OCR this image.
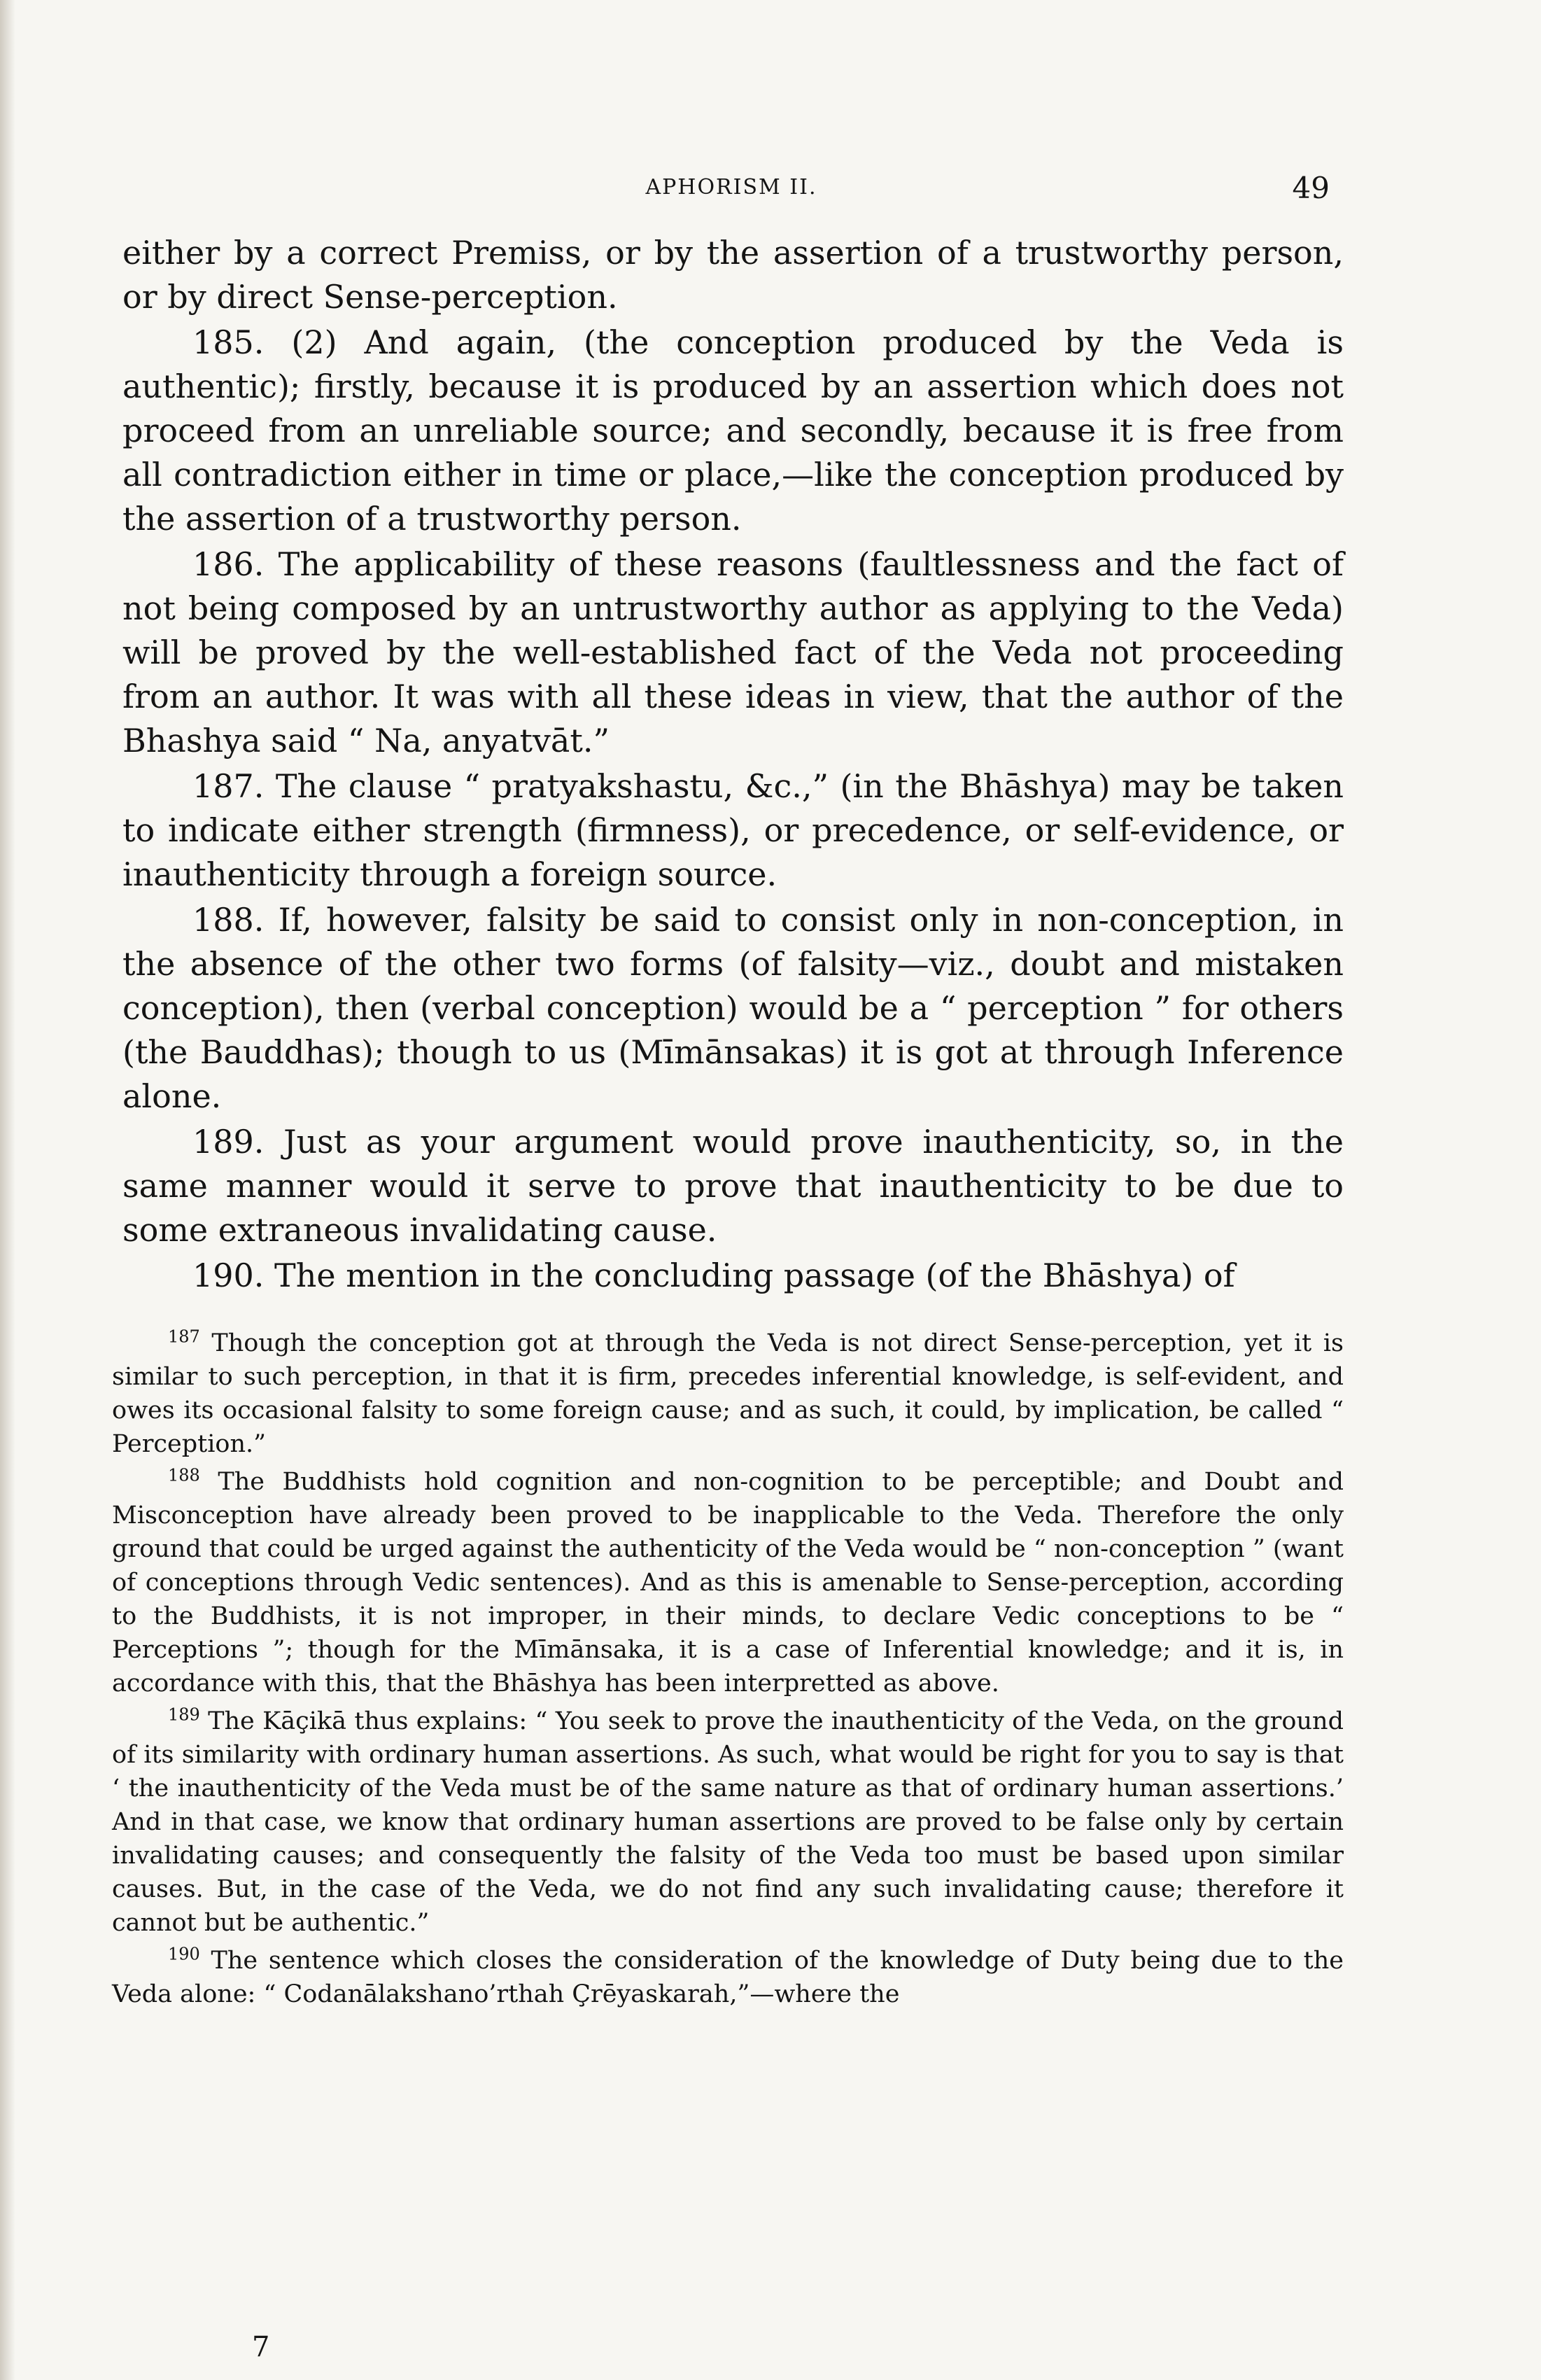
APHORISM II.	49

either by a correct Premiss, or by the assertion of a trustworthy person, or by direct Sense-perception.

185. (2) And again, (the conception produced by the Veda is authentic); firstly, because it is produced by an assertion which does not proceed from an unreliable source; and secondly, because it is free from all contradiction either in time or place,—like the conception produced by the assertion of a trustworthy person.

186. The applicability of these reasons (faultlessness and the fact of not being composed by an untrustworthy author as applying to the Veda) will be proved by the well-established fact of the Veda not proceeding from an author. It was with all these ideas in view, that the author of the Bhashya said “ Na, anyatvāt.”

187. The clause “ pratyakshastu, &c.,” (in the Bhāshya) may be taken to indicate either strength (firmness), or precedence, or self-evidence, or inauthenticity through a foreign source.

188. If, however, falsity be said to consist only in non-conception, in the absence of the other two forms (of falsity—viz., doubt and mistaken conception), then (verbal conception) would be a “ perception ” for others (the Bauddhas); though to us (Mīmānsakas) it is got at through Inference alone.

189. Just as your argument would prove inauthenticity, so, in the same manner would it serve to prove that inauthenticity to be due to some extraneous invalidating cause.

190. The mention in the concluding passage (of the Bhāshya) of

$^{187}$ Though the conception got at through the Veda is not direct Sense-perception, yet it is similar to such perception, in that it is firm, precedes inferential knowledge, is self-evident, and owes its occasional falsity to some foreign cause; and as such, it could, by implication, be called “ Perception.”

$^{188}$ The Buddhists hold cognition and non-cognition to be perceptible; and Doubt and Misconception have already been proved to be inapplicable to the Veda. Therefore the only ground that could be urged against the authenticity of the Veda would be “ non-conception ” (want of conceptions through Vedic sentences). And as this is amenable to Sense-perception, according to the Buddhists, it is not improper, in their minds, to declare Vedic conceptions to be “ Perceptions ”; though for the Mīmānsaka, it is a case of Inferential knowledge; and it is, in accordance with this, that the Bhāshya has been interpretted as above.

$^{189}$ The Kāçikā thus explains: “ You seek to prove the inauthenticity of the Veda, on the ground of its similarity with ordinary human assertions. As such, what would be right for you to say is that ‘ the inauthenticity of the Veda must be of the same nature as that of ordinary human assertions.’ And in that case, we know that ordinary human assertions are proved to be false only by certain invalidating causes; and consequently the falsity of the Veda too must be based upon similar causes. But, in the case of the Veda, we do not find any such invalidating cause; therefore it cannot but be authentic.”

$^{190}$ The sentence which closes the consideration of the knowledge of Duty being due to the Veda alone: “ Codanālakshano’rthah Çrēyaskarah,”—where the

7
